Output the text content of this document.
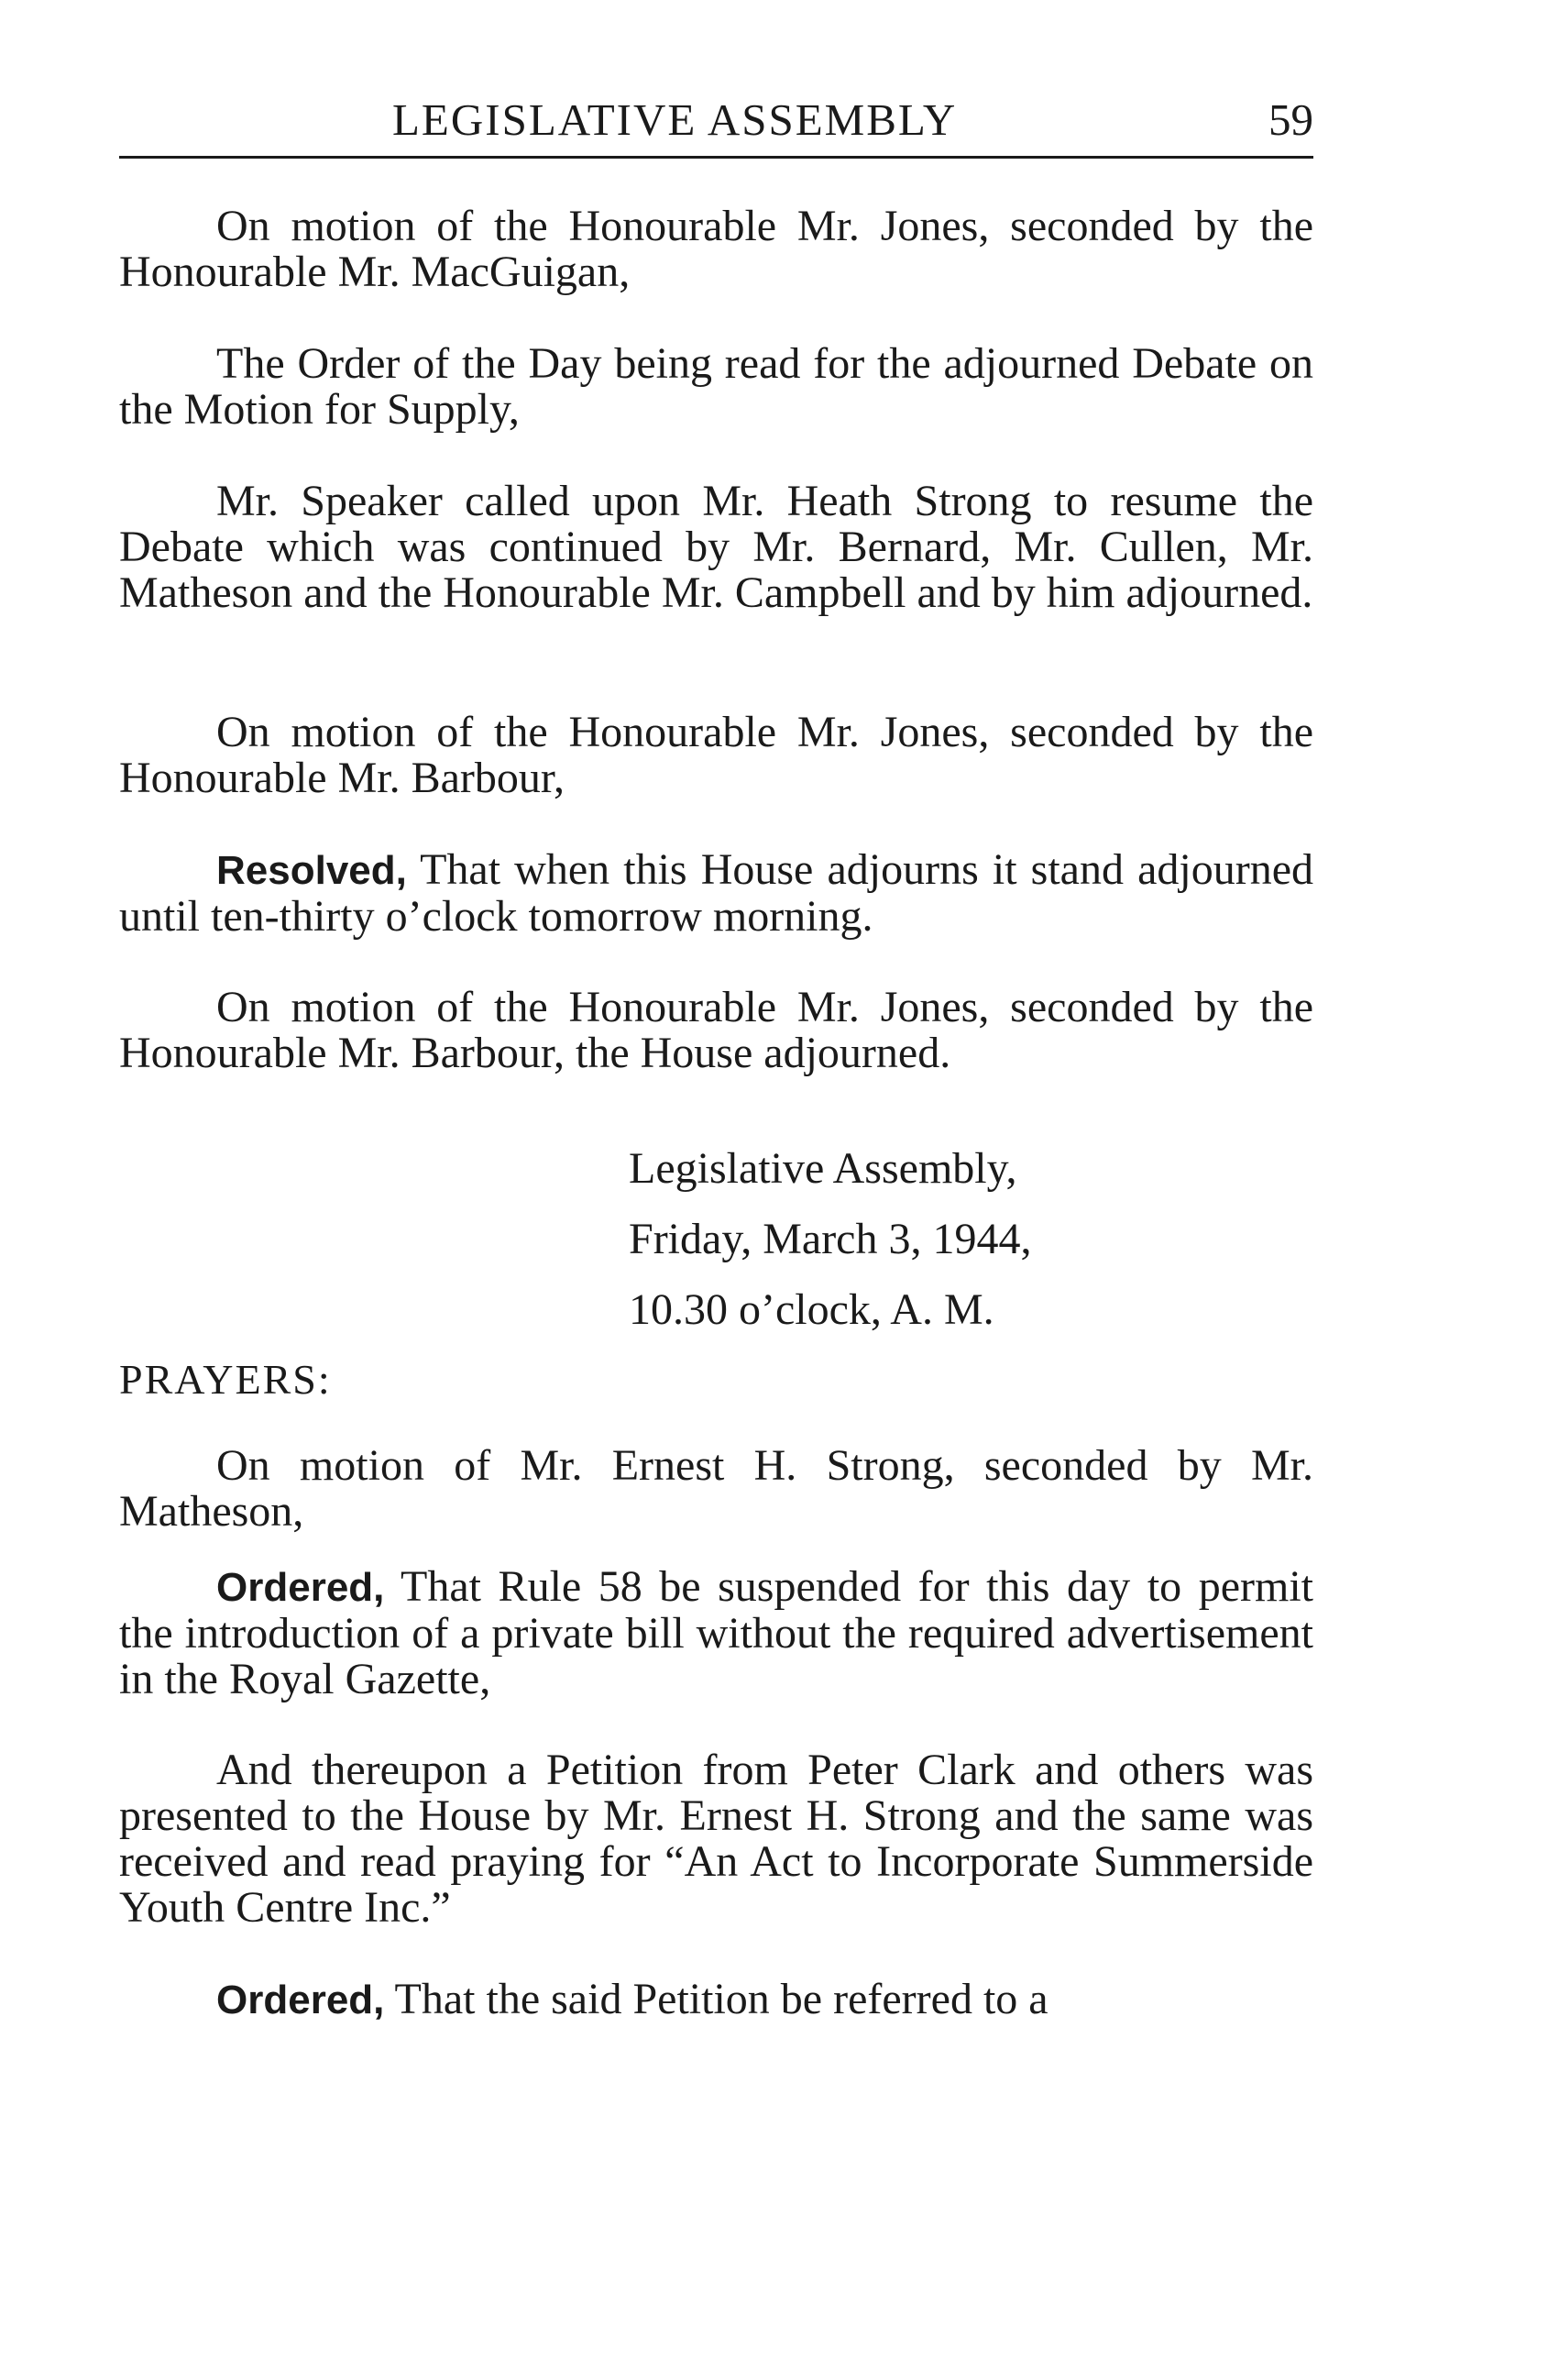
LEGISLATIVE ASSEMBLY	59

On motion of the Honourable Mr. Jones, seconded by the Honourable Mr. MacGuigan,

The Order of the Day being read for the adjourned Debate on the Motion for Supply,

Mr. Speaker called upon Mr. Heath Strong to resume the Debate which was continued by Mr. Bernard, Mr. Cullen, Mr. Matheson and the Honourable Mr. Campbell and by him adjourned.

On motion of the Honourable Mr. Jones, seconded by the Honourable Mr. Barbour,

Resolved, That when this House adjourns it stand adjourned until ten-thirty o’clock tomorrow morning.

On motion of the Honourable Mr. Jones, seconded by the Honourable Mr. Barbour, the House adjourned.

Legislative Assembly,
Friday, March 3, 1944,
10.30 o’clock, A. M.
PRAYERS:

On motion of Mr. Ernest H. Strong, seconded by Mr. Matheson,

Ordered, That Rule 58 be suspended for this day to permit the introduction of a private bill without the required advertisement in the Royal Gazette,

And thereupon a Petition from Peter Clark and others was presented to the House by Mr. Ernest H. Strong and the same was received and read praying for “An Act to Incorporate Summerside Youth Centre Inc.”

Ordered, That the said Petition be referred to a
